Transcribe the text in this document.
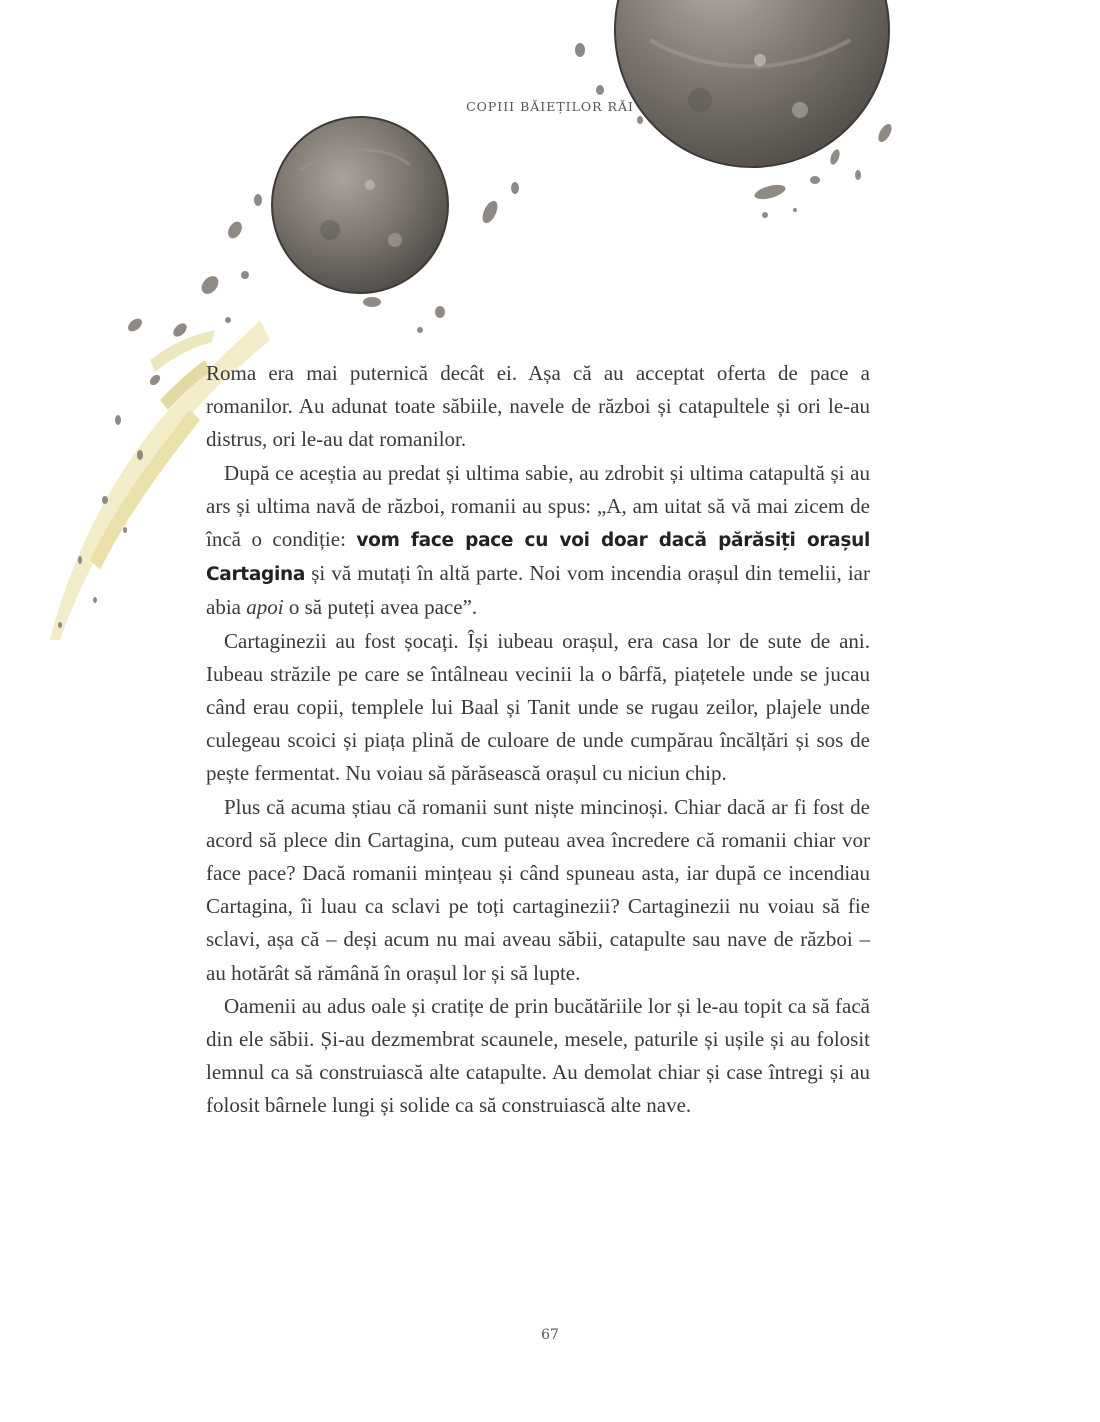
COPIII BĂIEȚILOR RĂI

Roma era mai puternică decât ei. Așa că au acceptat oferta de pace a romanilor. Au adunat toate săbiile, navele de război și catapultele și ori le-au distrus, ori le-au dat romanilor.

După ce aceștia au predat și ultima sabie, au zdrobit și ultima catapultă și au ars și ultima navă de război, romanii au spus: „A, am uitat să vă mai zicem de încă o condiție: vom face pace cu voi doar dacă părăsiți orașul Cartagina și vă mutați în altă parte. Noi vom incendia orașul din temelii, iar abia apoi o să puteți avea pace”.

Cartaginezii au fost șocați. Își iubeau orașul, era casa lor de sute de ani. Iubeau străzile pe care se întâlneau vecinii la o bârfă, piațetele unde se jucau când erau copii, templele lui Baal și Tanit unde se rugau zeilor, plajele unde culegeau scoici și piața plină de culoare de unde cumpărau încălțări și sos de pește fermentat. Nu voiau să părăsească orașul cu niciun chip.

Plus că acuma știau că romanii sunt niște mincinoși. Chiar dacă ar fi fost de acord să plece din Cartagina, cum puteau avea încredere că romanii chiar vor face pace? Dacă romanii mințeau și când spuneau asta, iar după ce incendiau Cartagina, îi luau ca sclavi pe toți cartaginezii? Cartaginezii nu voiau să fie sclavi, așa că – deși acum nu mai aveau săbii, catapulte sau nave de război – au hotărât să rămână în orașul lor și să lupte.

Oamenii au adus oale și cratițe de prin bucătăriile lor și le-au topit ca să facă din ele săbii. Și-au dezmembrat scaunele, mesele, paturile și ușile și au folosit lemnul ca să construiască alte catapulte. Au demolat chiar și case întregi și au folosit bârnele lungi și solide ca să construiască alte nave.

67
